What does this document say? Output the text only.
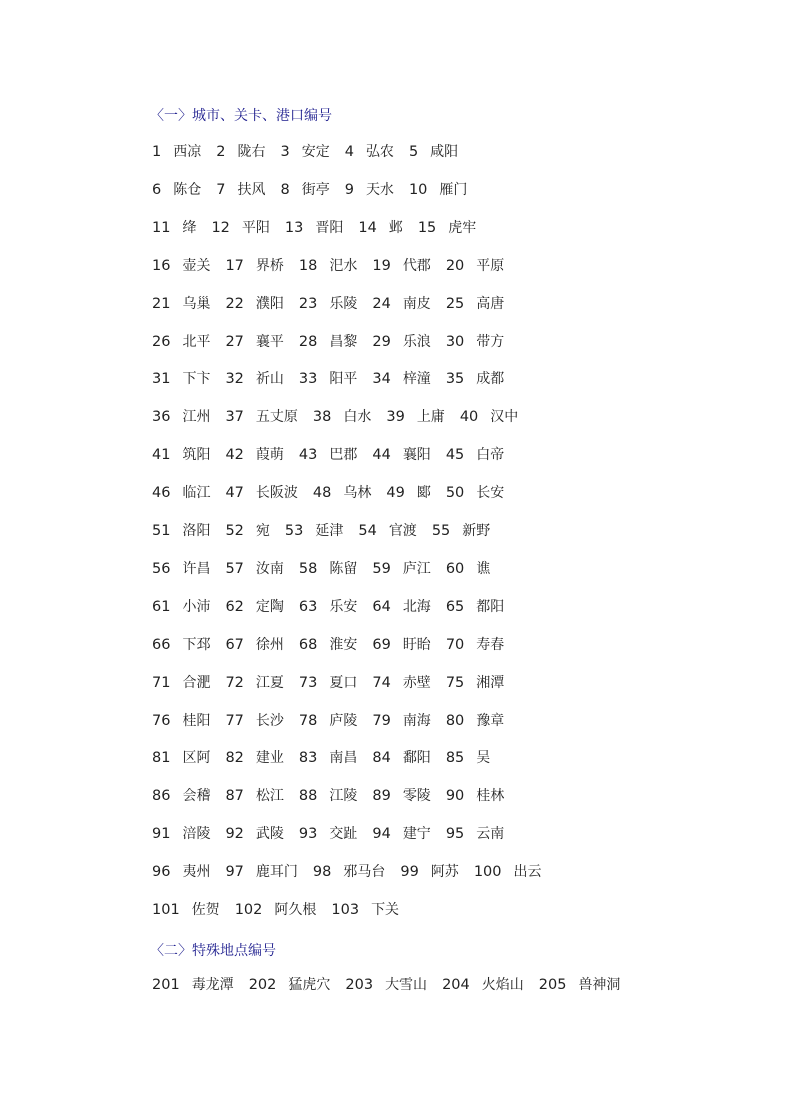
〈一〉城市、关卡、港口编号
1 西凉 2 陇右 3 安定 4 弘农 5 咸阳
6 陈仓 7 扶风 8 街亭 9 天水 10 雁门
11 绛 12 平阳 13 晋阳 14 邺 15 虎牢
16 壶关 17 界桥 18 汜水 19 代郡 20 平原
21 乌巢 22 濮阳 23 乐陵 24 南皮 25 高唐
26 北平 27 襄平 28 昌黎 29 乐浪 30 带方
31 下卞 32 祈山 33 阳平 34 梓潼 35 成都
36 江州 37 五丈原 38 白水 39 上庸 40 汉中
41 筑阳 42 葭萌 43 巴郡 44 襄阳 45 白帝
46 临江 47 长阪波 48 乌林 49 郾 50 长安
51 洛阳 52 宛 53 延津 54 官渡 55 新野
56 许昌 57 汝南 58 陈留 59 庐江 60 谯
61 小沛 62 定陶 63 乐安 64 北海 65 都阳
66 下邳 67 徐州 68 淮安 69 盱眙 70 寿春
71 合淝 72 江夏 73 夏口 74 赤壁 75 湘潭
76 桂阳 77 长沙 78 庐陵 79 南海 80 豫章
81 区阿 82 建业 83 南昌 84 鄱阳 85 吴
86 会稽 87 松江 88 江陵 89 零陵 90 桂林
91 涪陵 92 武陵 93 交趾 94 建宁 95 云南
96 夷州 97 鹿耳门 98 邪马台 99 阿苏 100 出云
101 佐贺 102 阿久根 103 下关
〈二〉特殊地点编号
201 毒龙潭 202 猛虎穴 203 大雪山 204 火焰山 205 兽神洞
